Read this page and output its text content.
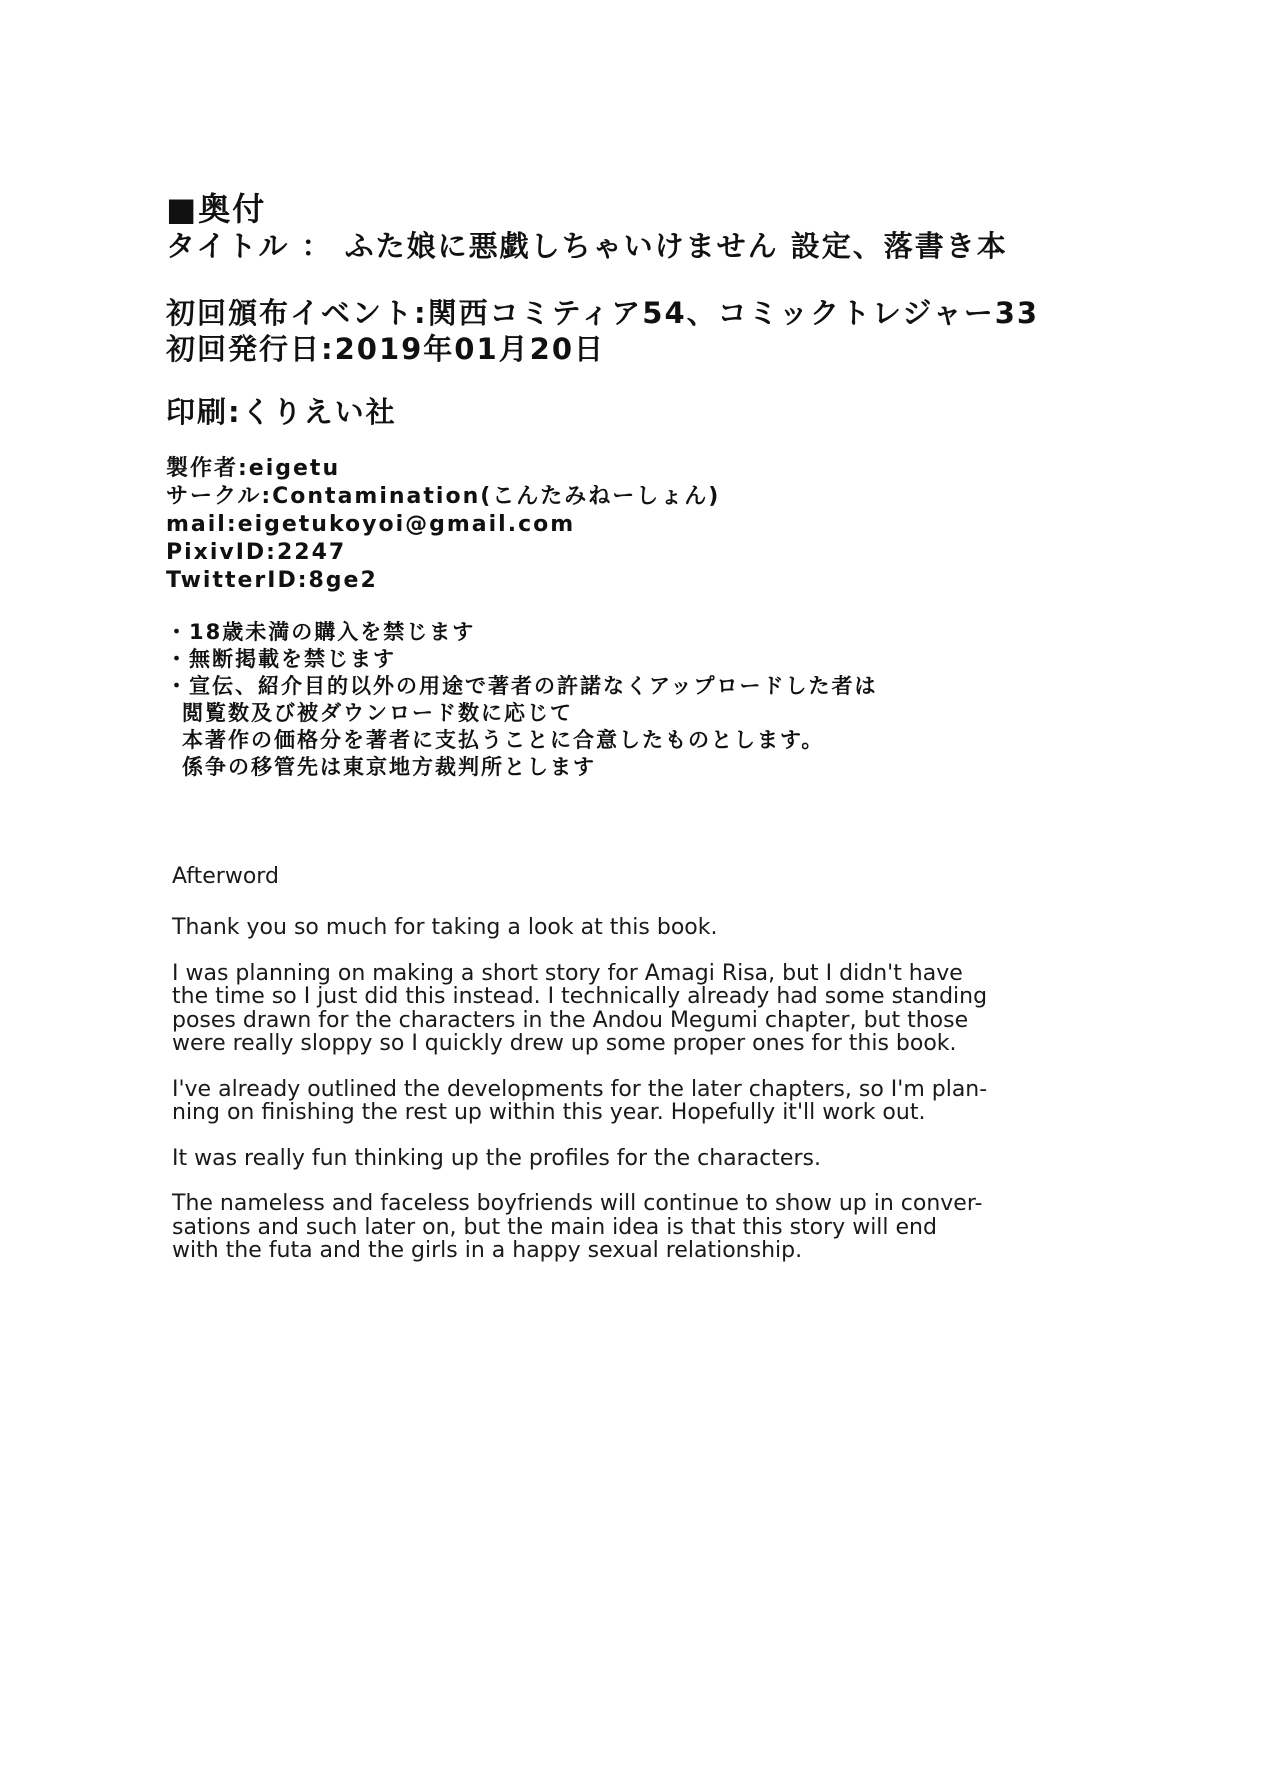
■奥付

タイトル ： ふた娘に悪戯しちゃいけません 設定、落書き本

初回頒布イベント:関西コミティア54、コミックトレジャー33

初回発行日:2019年01月20日

印刷:くりえい社

製作者:eigetu

サークル:Contamination(こんたみねーしょん)

mail:eigetukoyoi@gmail.com

PixivID:2247

TwitterID:8ge2

・18歳未満の購入を禁じます

・無断掲載を禁じます

・宣伝、紹介目的以外の用途で著者の許諾なくアップロードした者は

閲覧数及び被ダウンロード数に応じて

本著作の価格分を著者に支払うことに合意したものとします。

係争の移管先は東京地方裁判所とします

Afterword

Thank you so much for taking a look at this book.

I was planning on making a short story for Amagi Risa, but I didn't have
the time so I just did this instead. I technically already had some standing
poses drawn for the characters in the Andou Megumi chapter, but those
were really sloppy so I quickly drew up some proper ones for this book.

I've already outlined the developments for the later chapters, so I'm plan-
ning on finishing the rest up within this year. Hopefully it'll work out.

It was really fun thinking up the profiles for the characters.

The nameless and faceless boyfriends will continue to show up in conver-
sations and such later on, but the main idea is that this story will end
with the futa and the girls in a happy sexual relationship.
